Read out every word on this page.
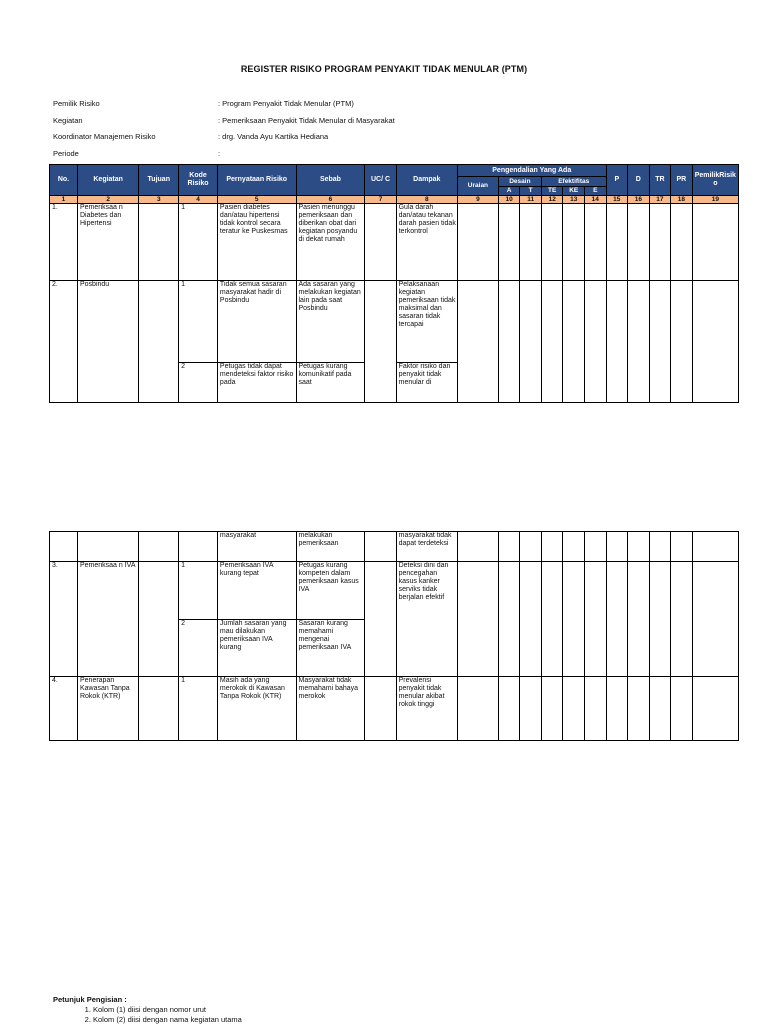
REGISTER RISIKO PROGRAM PENYAKIT TIDAK MENULAR (PTM)
Pemilik Risiko	: Program Penyakit Tidak Menular (PTM)
Kegiatan	: Pemeriksaan Penyakit Tidak Menular di Masyarakat
Koordinator Manajemen Risiko	: drg. Vanda Ayu Kartika Hediana
Periode	:
No.	Kegiatan	Tujuan	Kode Risiko	Pernyataan Risiko	Sebab	UC/ C	Dampak	Pengendalian Yang Ada						P	D	TR	PR	PemilikRisik o
								Uraian	Desain		Efektifitas							
									A	T	TE	KE	E					
1	2	3	4	5	6	7	8	9	10	11	12	13	14	15	16	17	18	19
1.	Pemeriksaa n Diabetes dan Hipertensi		1	Pasien diabetes dan/atau hipertensi tidak kontrol secara teratur ke Puskesmas	Pasien menunggu pemeriksaan dan diberikan obat dari kegiatan posyandu di dekat rumah		Gula darah dan/atau tekanan darah pasien tidak terkontrol											
2.	Posbindu		1	Tidak semua sasaran masyarakat hadir di Posbindu	Ada sasaran yang melakukan kegiatan lain pada saat Posbindu		Pelaksanaan kegiatan pemeriksaan tidak maksimal dan sasaran tidak tercapai											
			2	Petugas tidak dapat mendeteksi faktor risiko pada	Petugas kurang komunikatif pada saat		Faktor risiko dan penyakit tidak menular di											
				masyarakat	melakukan pemeriksaan		masyarakat tidak dapat terdeteksi											
3.	Pemeriksaa n IVA		1	Pemeriksaan IVA kurang tepat	Petugas kurang kompeten dalam pemeriksaan kasus IVA		Deteksi dini dan pencegahan kasus kanker serviks tidak berjalan efektif											
			2	Jumlah sasaran yang mau dilakukan pemeriksaan IVA kurang	Sasaran kurang memahami mengenai pemeriksaan IVA													
4.	Penerapan Kawasan Tanpa Rokok (KTR)		1	Masih ada yang merokok di Kawasan Tanpa Rokok (KTR)	Masyarakat tidak memahami bahaya merokok		Prevalensi penyakit tidak menular akibat rokok tinggi											
Petunjuk Pengisian :
1. Kolom (1) diisi dengan nomor urut
2. Kolom (2) diisi dengan nama kegiatan utama
